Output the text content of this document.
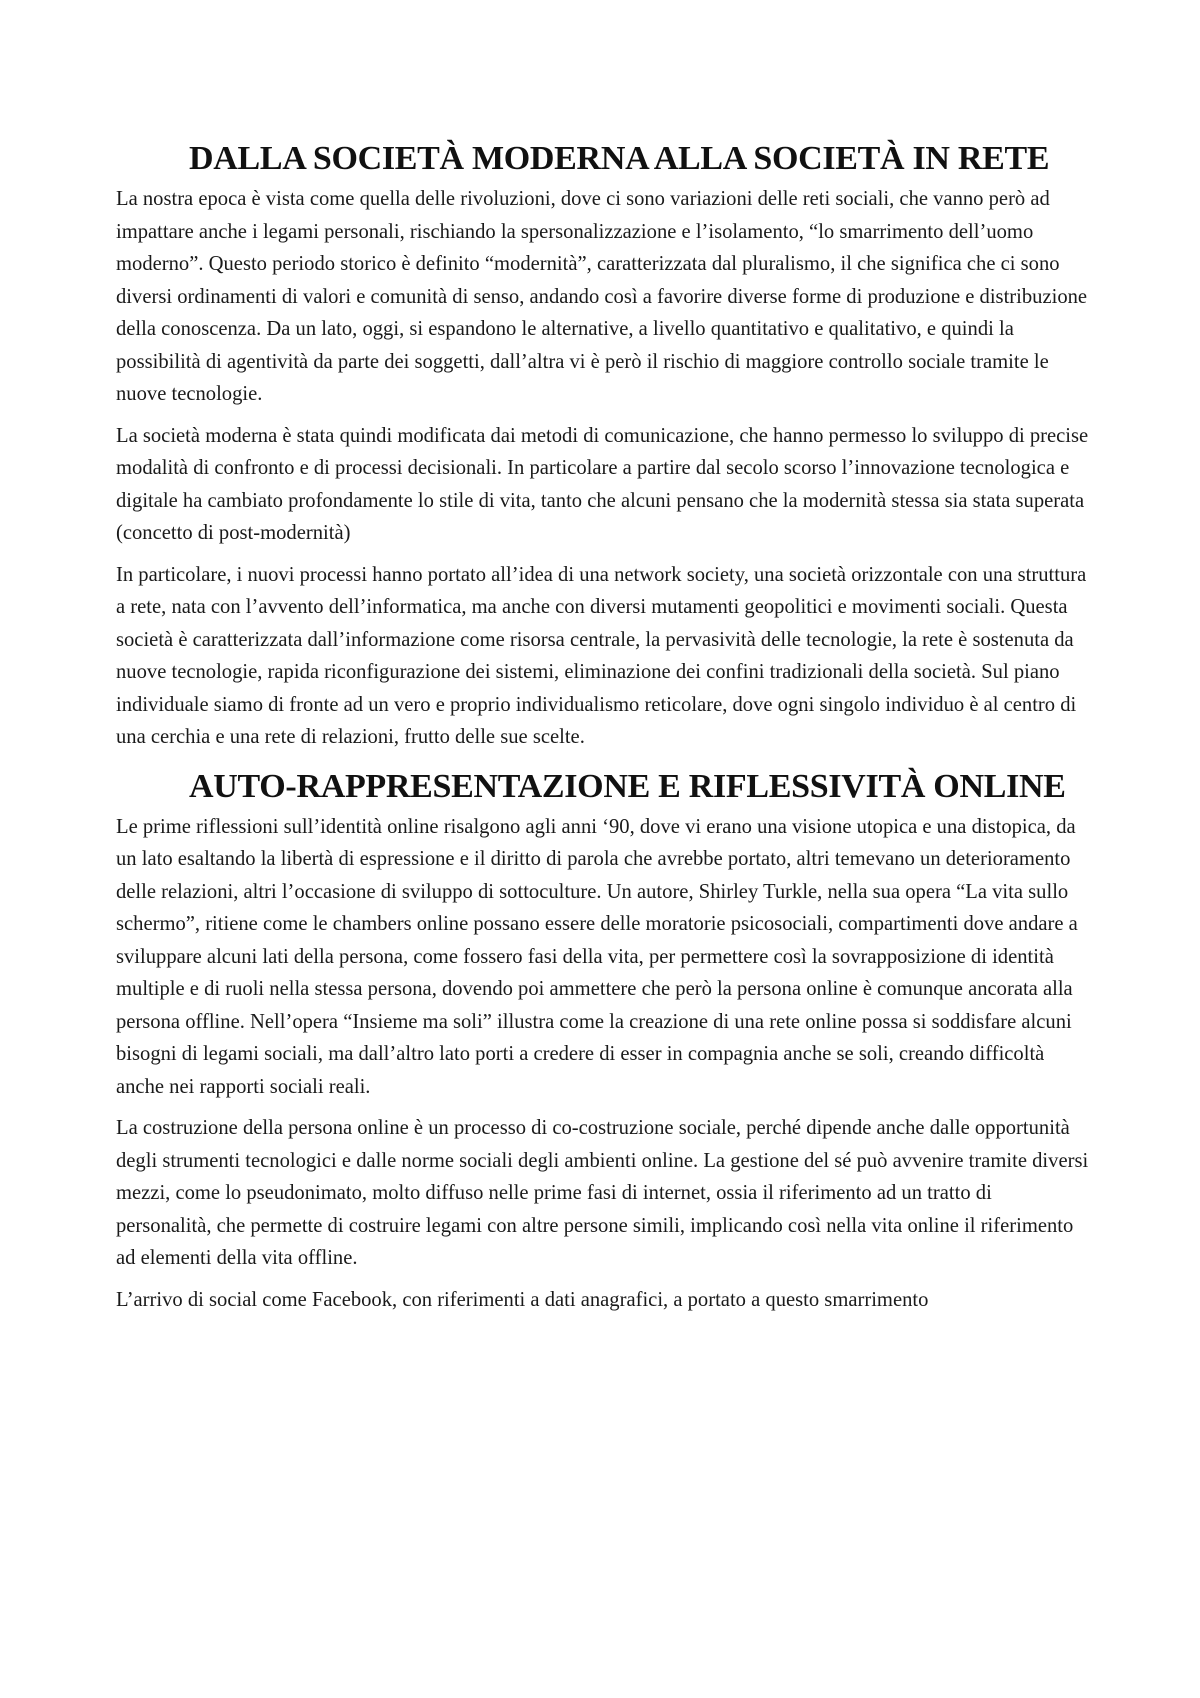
DALLA SOCIETÀ MODERNA ALLA SOCIETÀ IN RETE

La nostra epoca è vista come quella delle rivoluzioni, dove ci sono variazioni delle reti sociali, che vanno però ad impattare anche i legami personali, rischiando la spersonalizzazione e l’isolamento, “lo smarrimento dell’uomo moderno”. Questo periodo storico è definito “modernità”, caratterizzata dal pluralismo, il che significa che ci sono diversi ordinamenti di valori e comunità di senso, andando così a favorire diverse forme di produzione e distribuzione della conoscenza. Da un lato, oggi, si espandono le alternative, a livello quantitativo e qualitativo, e quindi la possibilità di agentività da parte dei soggetti, dall’altra vi è però il rischio di maggiore controllo sociale tramite le nuove tecnologie.

La società moderna è stata quindi modificata dai metodi di comunicazione, che hanno permesso lo sviluppo di precise modalità di confronto e di processi decisionali. In particolare a partire dal secolo scorso l’innovazione tecnologica e digitale ha cambiato profondamente lo stile di vita, tanto che alcuni pensano che la modernità stessa sia stata superata (concetto di post-modernità)

In particolare, i nuovi processi hanno portato all’idea di una network society, una società orizzontale con una struttura a rete, nata con l’avvento dell’informatica, ma anche con diversi mutamenti geopolitici e movimenti sociali. Questa società è caratterizzata dall’informazione come risorsa centrale, la pervasività delle tecnologie, la rete è sostenuta da nuove tecnologie, rapida riconfigurazione dei sistemi, eliminazione dei confini tradizionali della società. Sul piano individuale siamo di fronte ad un vero e proprio individualismo reticolare, dove ogni singolo individuo è al centro di una cerchia e una rete di relazioni, frutto delle sue scelte.

AUTO-RAPPRESENTAZIONE E RIFLESSIVITÀ ONLINE

Le prime riflessioni sull’identità online risalgono agli anni ‘90, dove vi erano una visione utopica e una distopica, da un lato esaltando la libertà di espressione e il diritto di parola che avrebbe portato, altri temevano un deterioramento delle relazioni, altri l’occasione di sviluppo di sottoculture. Un autore, Shirley Turkle, nella sua opera “La vita sullo schermo”, ritiene come le chambers online possano essere delle moratorie psicosociali, compartimenti dove andare a sviluppare alcuni lati della persona, come fossero fasi della vita, per permettere così la sovrapposizione di identità multiple e di ruoli nella stessa persona, dovendo poi ammettere che però la persona online è comunque ancorata alla persona offline. Nell’opera “Insieme ma soli” illustra come la creazione di una rete online possa si soddisfare alcuni bisogni di legami sociali, ma dall’altro lato porti a credere di esser in compagnia anche se soli, creando difficoltà anche nei rapporti sociali reali.

La costruzione della persona online è un processo di co-costruzione sociale, perché dipende anche dalle opportunità degli strumenti tecnologici e dalle norme sociali degli ambienti online. La gestione del sé può avvenire tramite diversi mezzi, come lo pseudonimato, molto diffuso nelle prime fasi di internet, ossia il riferimento ad un tratto di personalità, che permette di costruire legami con altre persone simili, implicando così nella vita online il riferimento ad elementi della vita offline.

L’arrivo di social come Facebook, con riferimenti a dati anagrafici, a portato a questo smarrimento
